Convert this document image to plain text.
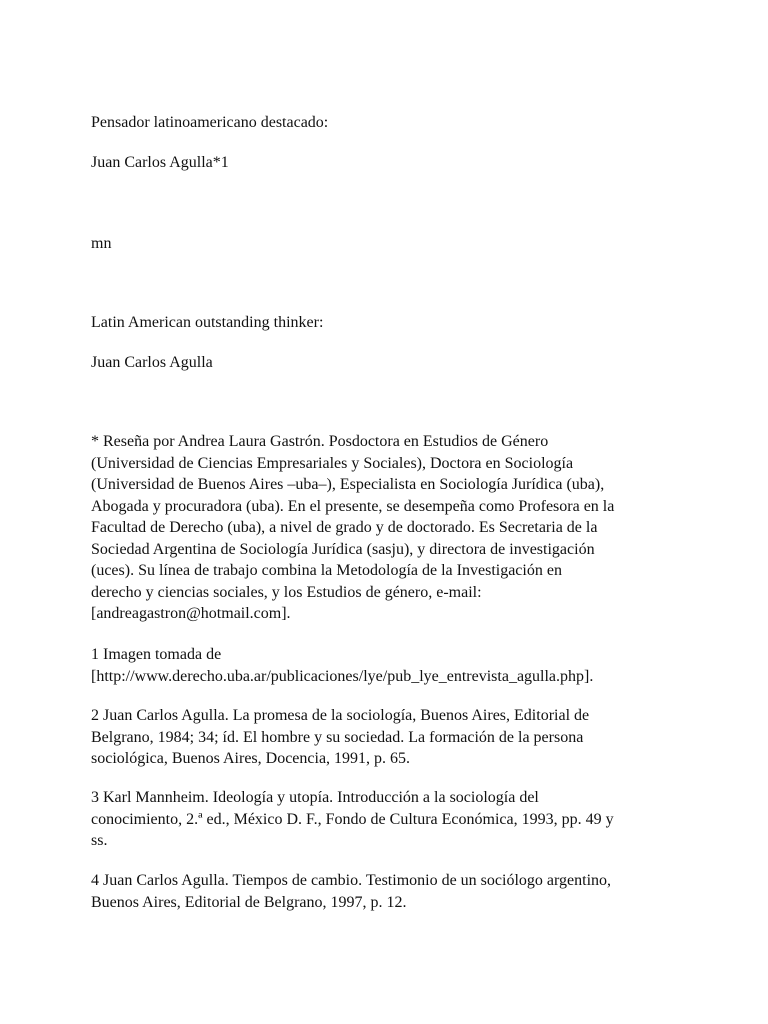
Pensador latinoamericano destacado:
Juan Carlos Agulla*1
mn
Latin American outstanding thinker:
Juan Carlos Agulla

* Reseña por Andrea Laura Gastrón. Posdoctora en Estudios de Género

(Universidad de Ciencias Empresariales y Sociales), Doctora en Sociología

(Universidad de Buenos Aires –uba–), Especialista en Sociología Jurídica (uba),

Abogada y procuradora (uba). En el presente, se desempeña como Profesora en la

Facultad de Derecho (uba), a nivel de grado y de doctorado. Es Secretaria de la

Sociedad Argentina de Sociología Jurídica (sasju), y directora de investigación

(uces). Su línea de trabajo combina la Metodología de la Investigación en

derecho y ciencias sociales, y los Estudios de género, e-mail:

[andreagastron@hotmail.com].

1 Imagen tomada de

[http://www.derecho.uba.ar/publicaciones/lye/pub_lye_entrevista_agulla.php].

2 Juan Carlos Agulla. La promesa de la sociología, Buenos Aires, Editorial de

Belgrano, 1984; 34; íd. El hombre y su sociedad. La formación de la persona

sociológica, Buenos Aires, Docencia, 1991, p. 65.

3 Karl Mannheim. Ideología y utopía. Introducción a la sociología del

conocimiento, 2.ª ed., México D. F., Fondo de Cultura Económica, 1993, pp. 49 y

ss.

4 Juan Carlos Agulla. Tiempos de cambio. Testimonio de un sociólogo argentino,

Buenos Aires, Editorial de Belgrano, 1997, p. 12.
